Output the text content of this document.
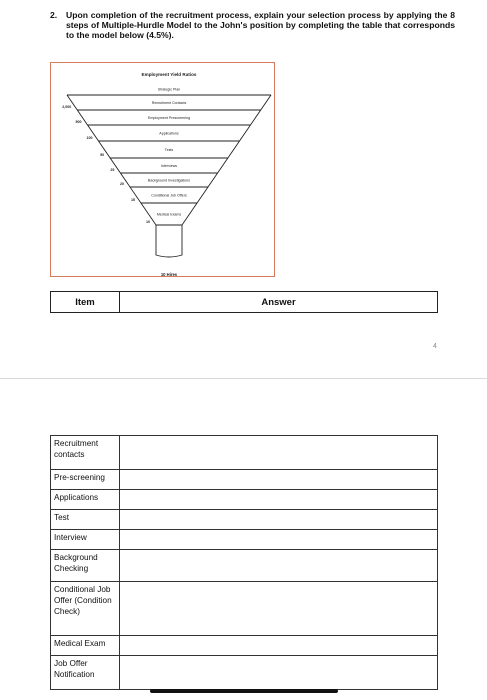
2. Upon completion of the recruitment process, explain your selection process by applying the 8 steps of Multiple-Hurdle Model to the John's position by completing the table that corresponds to the model below (4.5%).
Employment Yield Ratios
Strategic Plan
Recruitment Contacts
2,000
Employment Prescreening
500
Applications
100
Tests
50
Interviews
25
Background Investigations
20
Conditional Job Offers
15
Medical Exams
10
10 Hires
Item	Answer
4
Recruitment contacts	
Pre-screening	
Applications	
Test	
Interview	
Background Checking	
Conditional Job Offer (Condition Check)	
Medical Exam	
Job Offer Notification	
